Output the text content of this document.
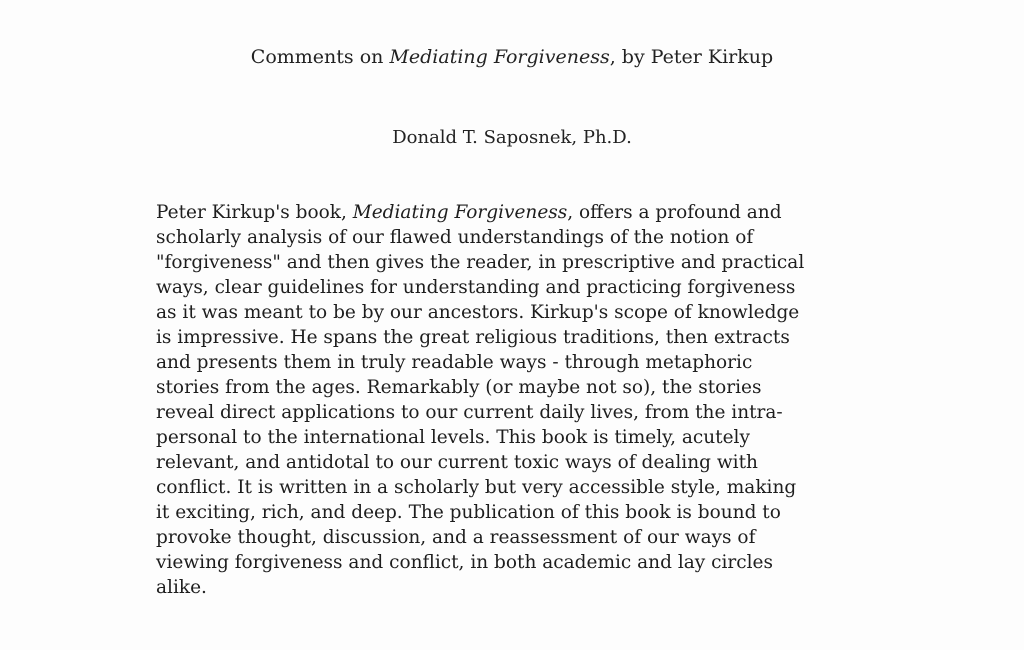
Comments on Mediating Forgiveness, by Peter Kirkup
Donald T. Saposnek, Ph.D.
Peter Kirkup's book, Mediating Forgiveness, offers a profound and
scholarly analysis of our flawed understandings of the notion of
"forgiveness" and then gives the reader, in prescriptive and practical
ways, clear guidelines for understanding and practicing forgiveness
as it was meant to be by our ancestors. Kirkup's scope of knowledge
is impressive. He spans the great religious traditions, then extracts
and presents them in truly readable ways - through metaphoric
stories from the ages. Remarkably (or maybe not so), the stories
reveal direct applications to our current daily lives, from the intra-
personal to the international levels. This book is timely, acutely
relevant, and antidotal to our current toxic ways of dealing with
conflict. It is written in a scholarly but very accessible style, making
it exciting, rich, and deep. The publication of this book is bound to
provoke thought, discussion, and a reassessment of our ways of
viewing forgiveness and conflict, in both academic and lay circles
alike.
